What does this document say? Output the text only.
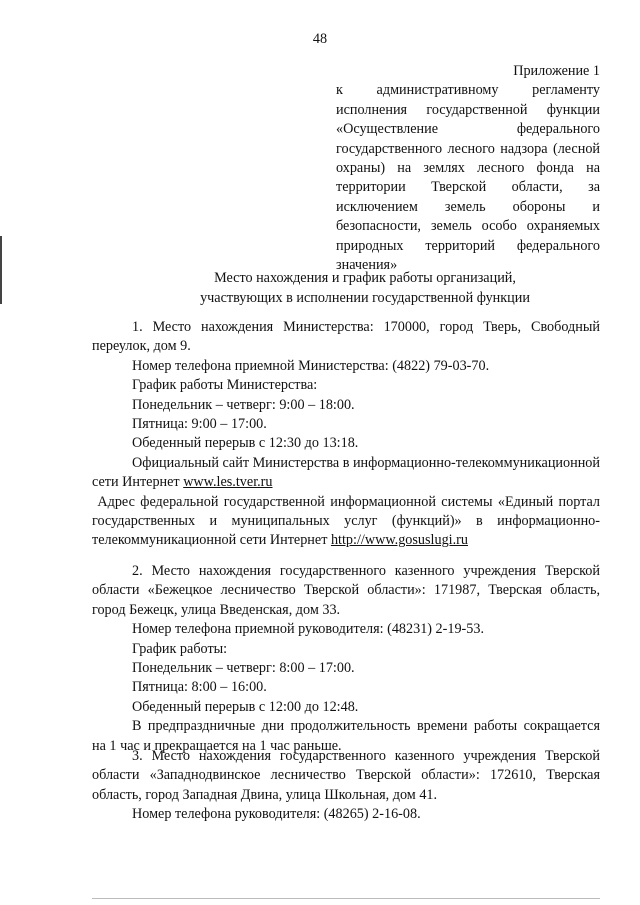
48
Приложение 1
к административному регламенту исполнения государственной функции «Осуществление федерального государственного лесного надзора (лесной охраны) на землях лесного фонда на территории Тверской области, за исключением земель обороны и безопасности, земель особо охраняемых природных территорий федерального значения»
Место нахождения и график работы организаций,
участвующих в исполнении государственной функции

1. Место нахождения Министерства: 170000, город Тверь, Свободный переулок, дом 9.

Номер телефона приемной Министерства: (4822) 79-03-70.

График работы Министерства:

Понедельник – четверг: 9:00 – 18:00.

Пятница: 9:00 – 17:00.

Обеденный перерыв с 12:30 до 13:18.

Официальный сайт Министерства в информационно-телекоммуникационной сети Интернет www.les.tver.ru

Адрес федеральной государственной информационной системы «Единый портал государственных и муниципальных услуг (функций)» в информационно-телекоммуникационной сети Интернет http://www.gosuslugi.ru

2. Место нахождения государственного казенного учреждения Тверской области «Бежецкое лесничество Тверской области»: 171987, Тверская область, город Бежецк, улица Введенская, дом 33.

Номер телефона приемной руководителя: (48231) 2-19-53.

График работы:

Понедельник – четверг: 8:00 – 17:00.

Пятница: 8:00 – 16:00.

Обеденный перерыв с 12:00 до 12:48.

В предпраздничные дни продолжительность времени работы сокращается на 1 час и прекращается на 1 час раньше.

3. Место нахождения государственного казенного учреждения Тверской области «Западнодвинское лесничество Тверской области»: 172610, Тверская область, город Западная Двина, улица Школьная, дом 41.

Номер телефона руководителя: (48265) 2-16-08.
